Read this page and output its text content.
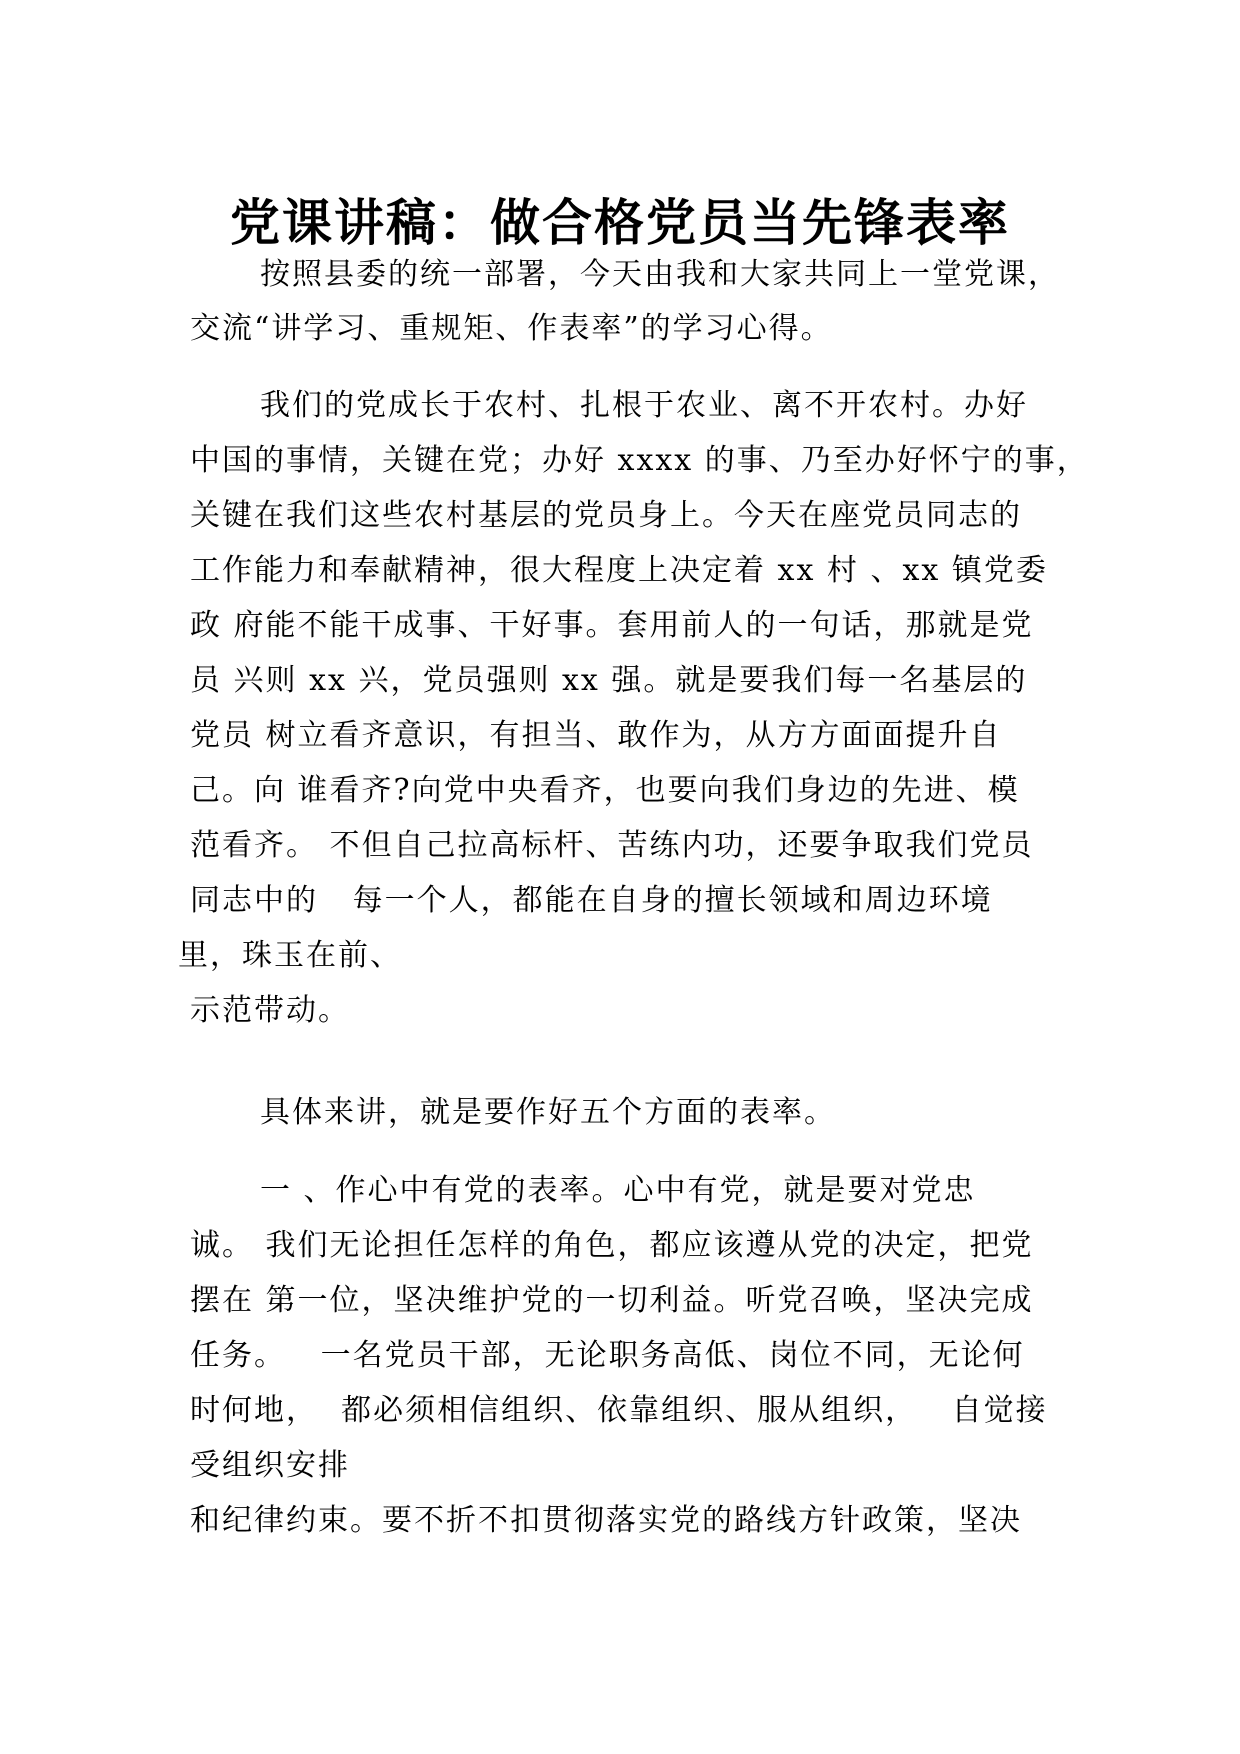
党课讲稿：做合格党员当先锋表率
按照县委的统一部署，今天由我和大家共同上一堂党课，
交流“讲学习、重规矩、作表率”的学习心得。
我们的党成长于农村、扎根于农业、离不开农村。办好
中国的事情，关键在党；办好 xxxx 的事、乃至办好怀宁的事，
关键在我们这些农村基层的党员身上。今天在座党员同志的
工作能力和奉献精神，很大程度上决定着 xx 村 、xx 镇党委
政 府能不能干成事、干好事。套用前人的一句话，那就是党
员 兴则 xx 兴，党员强则 xx 强。就是要我们每一名基层的
党员 树立看齐意识，有担当、敢作为，从方方面面提升自
己。向 谁看齐?向党中央看齐，也要向我们身边的先进、模
范看齐。 不但自己拉高标杆、苦练内功，还要争取我们党员
同志中的   每一个人，都能在自身的擅长领域和周边环境
里，珠玉在前、
示范带动。
具体来讲，就是要作好五个方面的表率。
一 、作心中有党的表率。心中有党，就是要对党忠
诚。 我们无论担任怎样的角色，都应该遵从党的决定，把党
摆在 第一位，坚决维护党的一切利益。听党召唤，坚决完成
任务。   一名党员干部，无论职务高低、岗位不同，无论何
时何地，  都必须相信组织、依靠组织、服从组织，   自觉接
受组织安排
和纪律约束。要不折不扣贯彻落实党的路线方针政策，坚决
